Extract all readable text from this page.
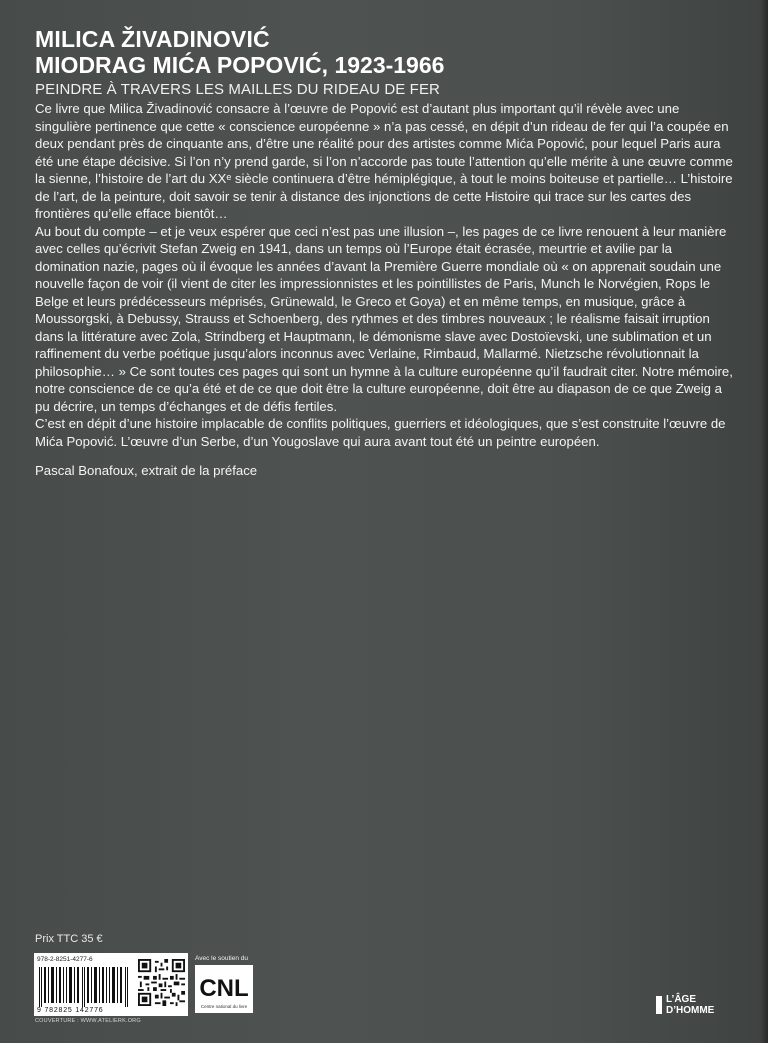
MILICA ŽIVADINOVIĆ
MIODRAG MIĆA POPOVIĆ, 1923-1966
PEINDRE À TRAVERS LES MAILLES DU RIDEAU DE FER

Ce livre que Milica Živadinović consacre à l’œuvre de Popović est d’autant plus important qu’il révèle avec une singulière pertinence que cette « conscience européenne » n’a pas cessé, en dépit d’un rideau de fer qui l’a coupée en deux pendant près de cinquante ans, d’être une réalité pour des artistes comme Mića Popović, pour lequel Paris aura été une étape décisive. Si l’on n’y prend garde, si l’on n’accorde pas toute l’attention qu’elle mérite à une œuvre comme la sienne, l’histoire de l’art du XXᵉ siècle continuera d’être hémiplégique, à tout le moins boiteuse et partielle… L’histoire de l’art, de la peinture, doit savoir se tenir à distance des injonctions de cette Histoire qui trace sur les cartes des frontières qu’elle efface bientôt…

Au bout du compte – et je veux espérer que ceci n’est pas une illusion –, les pages de ce livre renouent à leur manière avec celles qu’écrivit Stefan Zweig en 1941, dans un temps où l’Europe était écrasée, meurtrie et avilie par la domination nazie, pages où il évoque les années d’avant la Première Guerre mondiale où « on apprenait soudain une nouvelle façon de voir (il vient de citer les impressionnistes et les pointillistes de Paris, Munch le Norvégien, Rops le Belge et leurs prédécesseurs méprisés, Grünewald, le Greco et Goya) et en même temps, en musique, grâce à Moussorgski, à Debussy, Strauss et Schoenberg, des rythmes et des timbres nouveaux ; le réalisme faisait irruption dans la littérature avec Zola, Strindberg et Hauptmann, le démonisme slave avec Dostoïevski, une sublimation et un raffinement du verbe poétique jusqu’alors inconnus avec Verlaine, Rimbaud, Mallarmé. Nietzsche révolutionnait la philosophie… » Ce sont toutes ces pages qui sont un hymne à la culture européenne qu’il faudrait citer. Notre mémoire, notre conscience de ce qu’a été et de ce que doit être la culture européenne, doit être au diapason de ce que Zweig a pu décrire, un temps d’échanges et de défis fertiles.

C’est en dépit d’une histoire implacable de conflits politiques, guerriers et idéologiques, que s’est construite l’œuvre de Mića Popović. L’œuvre d’un Serbe, d’un Yougoslave qui aura avant tout été un peintre européen.

Pascal Bonafoux, extrait de la préface

Prix TTC 35 €
978-2-8251-4277-6
9 782825 142776
COUVERTURE : WWW.ATELIERK.ORG
Avec le soutien du
CNL
Centre national du livre
L’ÂGE
D’HOMME
